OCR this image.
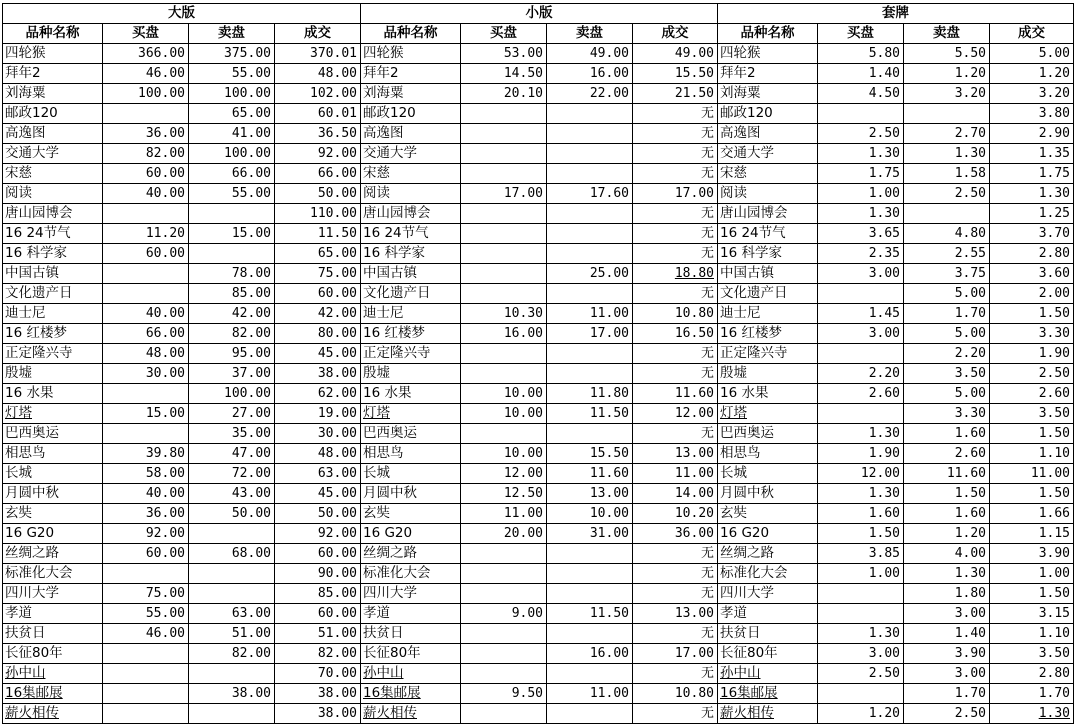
大版				小版				套牌			
品种名称	买盘	卖盘	成交	品种名称	买盘	卖盘	成交	品种名称	买盘	卖盘	成交
四轮猴	366.00	375.00	370.01	四轮猴	53.00	49.00	49.00	四轮猴	5.80	5.50	5.00
拜年2	46.00	55.00	48.00	拜年2	14.50	16.00	15.50	拜年2	1.40	1.20	1.20
刘海粟	100.00	100.00	102.00	刘海粟	20.10	22.00	21.50	刘海粟	4.50	3.20	3.20
邮政120		65.00	60.01	邮政120			无	邮政120			3.80
高逸图	36.00	41.00	36.50	高逸图			无	高逸图	2.50	2.70	2.90
交通大学	82.00	100.00	92.00	交通大学			无	交通大学	1.30	1.30	1.35
宋慈	60.00	66.00	66.00	宋慈			无	宋慈	1.75	1.58	1.75
阅读	40.00	55.00	50.00	阅读	17.00	17.60	17.00	阅读	1.00	2.50	1.30
唐山园博会			110.00	唐山园博会			无	唐山园博会	1.30		1.25
16 24节气	11.20	15.00	11.50	16 24节气			无	16 24节气	3.65	4.80	3.70
16 科学家	60.00		65.00	16 科学家			无	16 科学家	2.35	2.55	2.80
中国古镇		78.00	75.00	中国古镇		25.00	18.80	中国古镇	3.00	3.75	3.60
文化遗产日		85.00	60.00	文化遗产日			无	文化遗产日		5.00	2.00
迪士尼	40.00	42.00	42.00	迪士尼	10.30	11.00	10.80	迪士尼	1.45	1.70	1.50
16 红楼梦	66.00	82.00	80.00	16 红楼梦	16.00	17.00	16.50	16 红楼梦	3.00	5.00	3.30
正定隆兴寺	48.00	95.00	45.00	正定隆兴寺			无	正定隆兴寺		2.20	1.90
殷墟	30.00	37.00	38.00	殷墟			无	殷墟	2.20	3.50	2.50
16 水果		100.00	62.00	16 水果	10.00	11.80	11.60	16 水果	2.60	5.00	2.60
灯塔	15.00	27.00	19.00	灯塔	10.00	11.50	12.00	灯塔		3.30	3.50
巴西奥运		35.00	30.00	巴西奥运			无	巴西奥运	1.30	1.60	1.50
相思鸟	39.80	47.00	48.00	相思鸟	10.00	15.50	13.00	相思鸟	1.90	2.60	1.10
长城	58.00	72.00	63.00	长城	12.00	11.60	11.00	长城	12.00	11.60	11.00
月圆中秋	40.00	43.00	45.00	月圆中秋	12.50	13.00	14.00	月圆中秋	1.30	1.50	1.50
玄奘	36.00	50.00	50.00	玄奘	11.00	10.00	10.20	玄奘	1.60	1.60	1.66
16 G20	92.00		92.00	16 G20	20.00	31.00	36.00	16 G20	1.50	1.20	1.15
丝绸之路	60.00	68.00	60.00	丝绸之路			无	丝绸之路	3.85	4.00	3.90
标准化大会			90.00	标准化大会			无	标准化大会	1.00	1.30	1.00
四川大学	75.00		85.00	四川大学			无	四川大学		1.80	1.50
孝道	55.00	63.00	60.00	孝道	9.00	11.50	13.00	孝道		3.00	3.15
扶贫日	46.00	51.00	51.00	扶贫日			无	扶贫日	1.30	1.40	1.10
长征80年		82.00	82.00	长征80年		16.00	17.00	长征80年	3.00	3.90	3.50
孙中山			70.00	孙中山			无	孙中山	2.50	3.00	2.80
16集邮展		38.00	38.00	16集邮展	9.50	11.00	10.80	16集邮展		1.70	1.70
薪火相传			38.00	薪火相传			无	薪火相传	1.20	2.50	1.30
